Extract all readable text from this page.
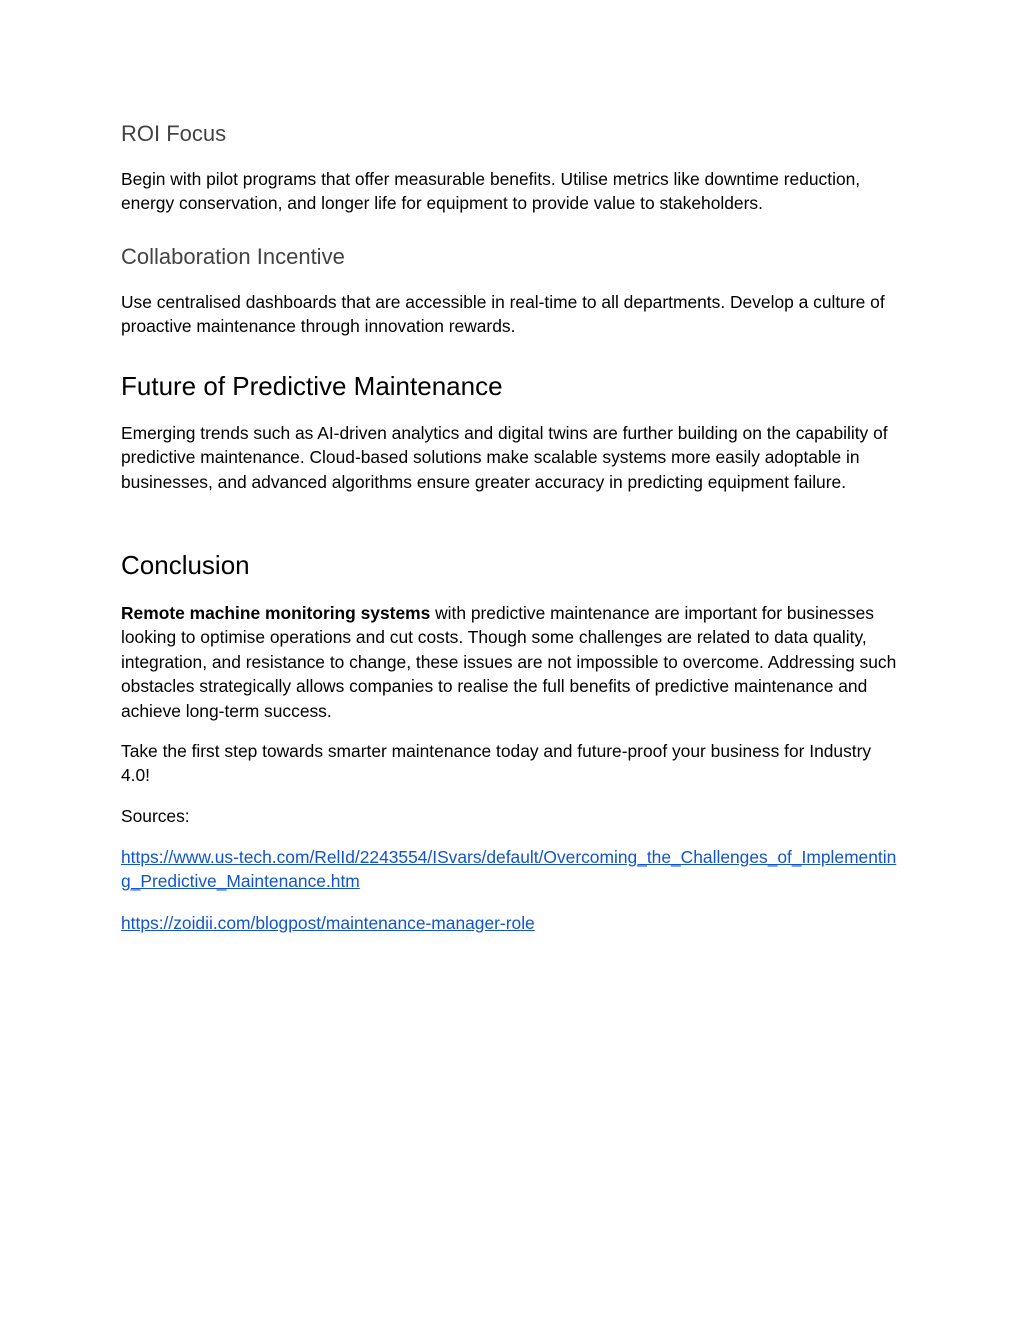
ROI Focus

Begin with pilot programs that offer measurable benefits. Utilise metrics like downtime reduction, energy conservation, and longer life for equipment to provide value to stakeholders.

Collaboration Incentive

Use centralised dashboards that are accessible in real-time to all departments. Develop a culture of proactive maintenance through innovation rewards.

Future of Predictive Maintenance

Emerging trends such as AI-driven analytics and digital twins are further building on the capability of predictive maintenance. Cloud-based solutions make scalable systems more easily adoptable in businesses, and advanced algorithms ensure greater accuracy in predicting equipment failure.

Conclusion

Remote machine monitoring systems with predictive maintenance are important for businesses looking to optimise operations and cut costs. Though some challenges are related to data quality, integration, and resistance to change, these issues are not impossible to overcome. Addressing such obstacles strategically allows companies to realise the full benefits of predictive maintenance and achieve long-term success.

Take the first step towards smarter maintenance today and future-proof your business for Industry 4.0!

Sources:

https://www.us-tech.com/RelId/2243554/ISvars/default/Overcoming_the_Challenges_of_Implementing_Predictive_Maintenance.htm
https://zoidii.com/blogpost/maintenance-manager-role
